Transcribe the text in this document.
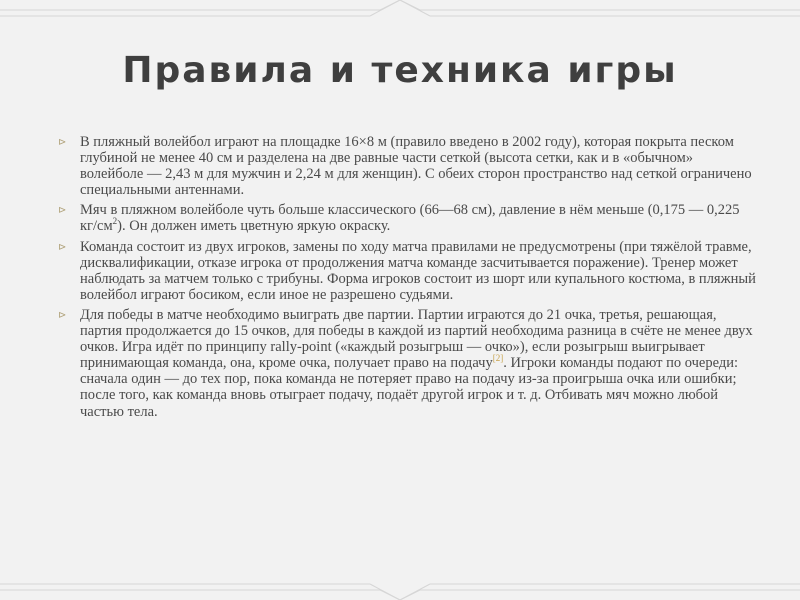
Правила и техника игры

⊳ В пляжный волейбол играют на площадке 16×8 м (правило введено в 2002 году), которая покрыта песком глубиной не менее 40 см и разделена на две равные части сеткой (высота сетки, как и в «обычном» волейболе — 2,43 м для мужчин и 2,24 м для женщин). С обеих сторон пространство над сеткой ограничено специальными антеннами.

⊳ Мяч в пляжном волейболе чуть больше классического (66—68 см), давление в нём меньше (0,175 — 0,225 $кг/см^2$). Он должен иметь цветную яркую окраску.

⊳ Команда состоит из двух игроков, замены по ходу матча правилами не предусмотрены (при тяжёлой травме, дисквалификации, отказе игрока от продолжения матча команде засчитывается поражение). Тренер может наблюдать за матчем только с трибуны. Форма игроков состоит из шорт или купального костюма, в пляжный волейбол играют босиком, если иное не разрешено судьями.

⊳ Для победы в матче необходимо выиграть две партии. Партии играются до 21 очка, третья, решающая, партия продолжается до 15 очков, для победы в каждой из партий необходима разница в счёте не менее двух очков. Игра идёт по принципу rally-point («каждый розыгрыш — очко»), если розыгрыш выигрывает принимающая команда, она, кроме очка, получает право на подачу[2]. Игроки команды подают по очереди: сначала один — до тех пор, пока команда не потеряет право на подачу из-за проигрыша очка или ошибки; после того, как команда вновь отыграет подачу, подаёт другой игрок и т. д. Отбивать мяч можно любой частью тела.
